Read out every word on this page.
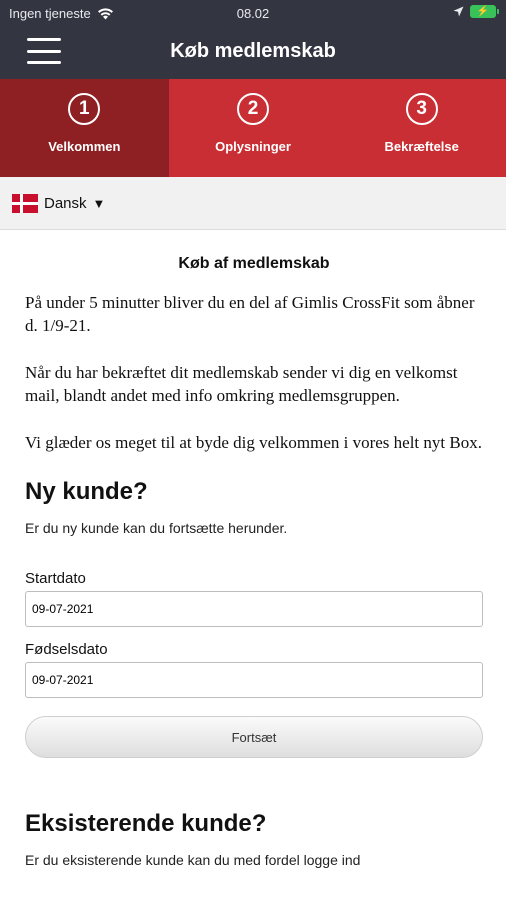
Ingen tjeneste	08.02	⚡
Køb medlemskab
1
Velkommen
2
Oplysninger
3
Bekræftelse
Dansk ▼
Køb af medlemskab

På under 5 minutter bliver du en del af Gimlis CrossFit som åbner d. 1/9-21.

Når du har bekræftet dit medlemskab sender vi dig en velkomst mail, blandt andet med info omkring medlemsgruppen.

Vi glæder os meget til at byde dig velkommen i vores helt nyt Box.

Ny kunde?
Er du ny kunde kan du fortsætte herunder.
Startdato
09-07-2021
Fødselsdato
09-07-2021 Fortsæt
Eksisterende kunde?
Er du eksisterende kunde kan du med fordel logge ind
